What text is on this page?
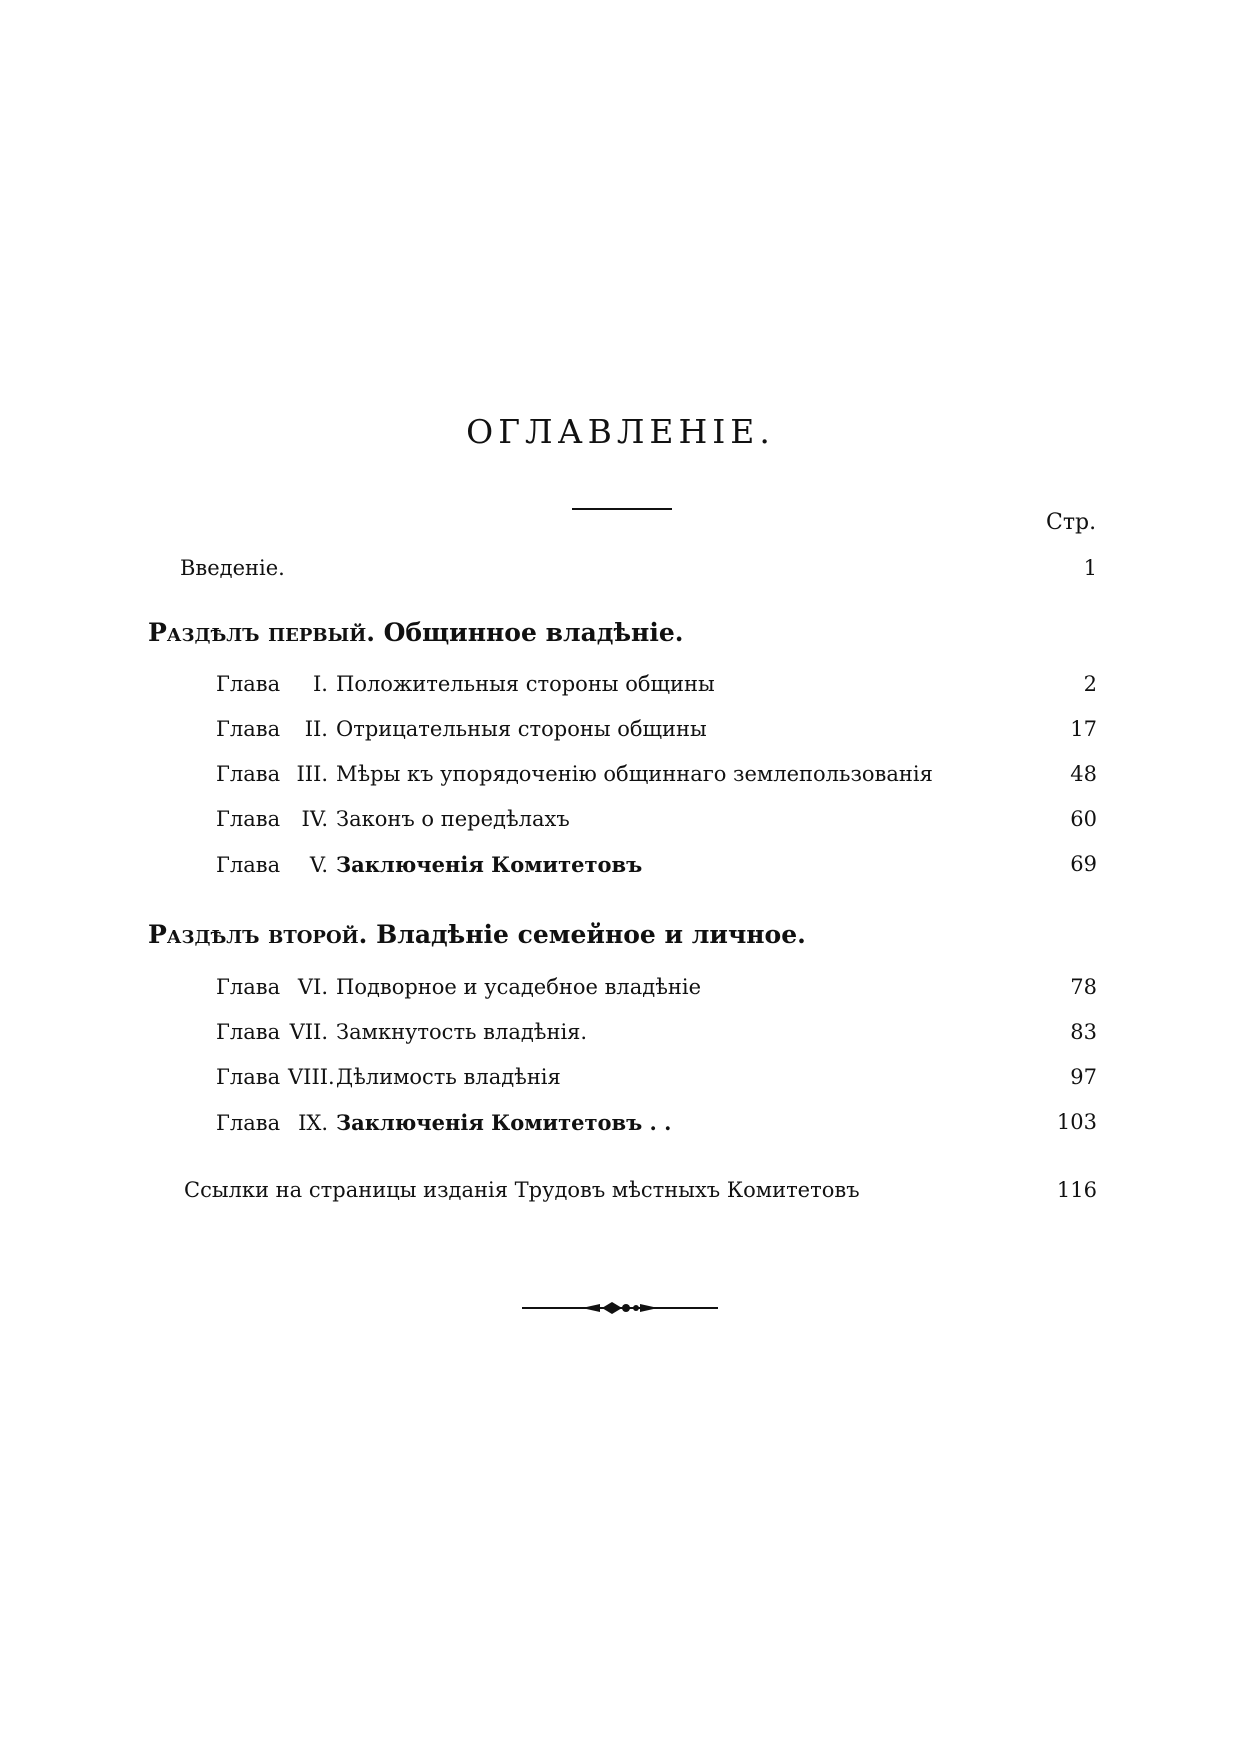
ОГЛАВЛЕНІЕ.
Стр.
Введеніе.	1
Раздѣлъ первый. Общинное владѣніе.
Глава I. Положительныя стороны общины	2
Глава II. Отрицательныя стороны общины	17
Глава III. Мѣры къ упорядоченію общиннаго землепользованія	48
Глава IV. Законъ о передѣлахъ	60
Глава V. Заключенія Комитетовъ	69
Раздѣлъ второй. Владѣніе семейное и личное.
Глава VI. Подворное и усадебное владѣніе	78
Глава VII. Замкнутость владѣнія.	83
Глава VIII.Дѣлимость владѣнія	97
Глава IX. Заключенія Комитетовъ . .	103
Ссылки на страницы изданія Трудовъ мѣстныхъ Комитетовъ	116
